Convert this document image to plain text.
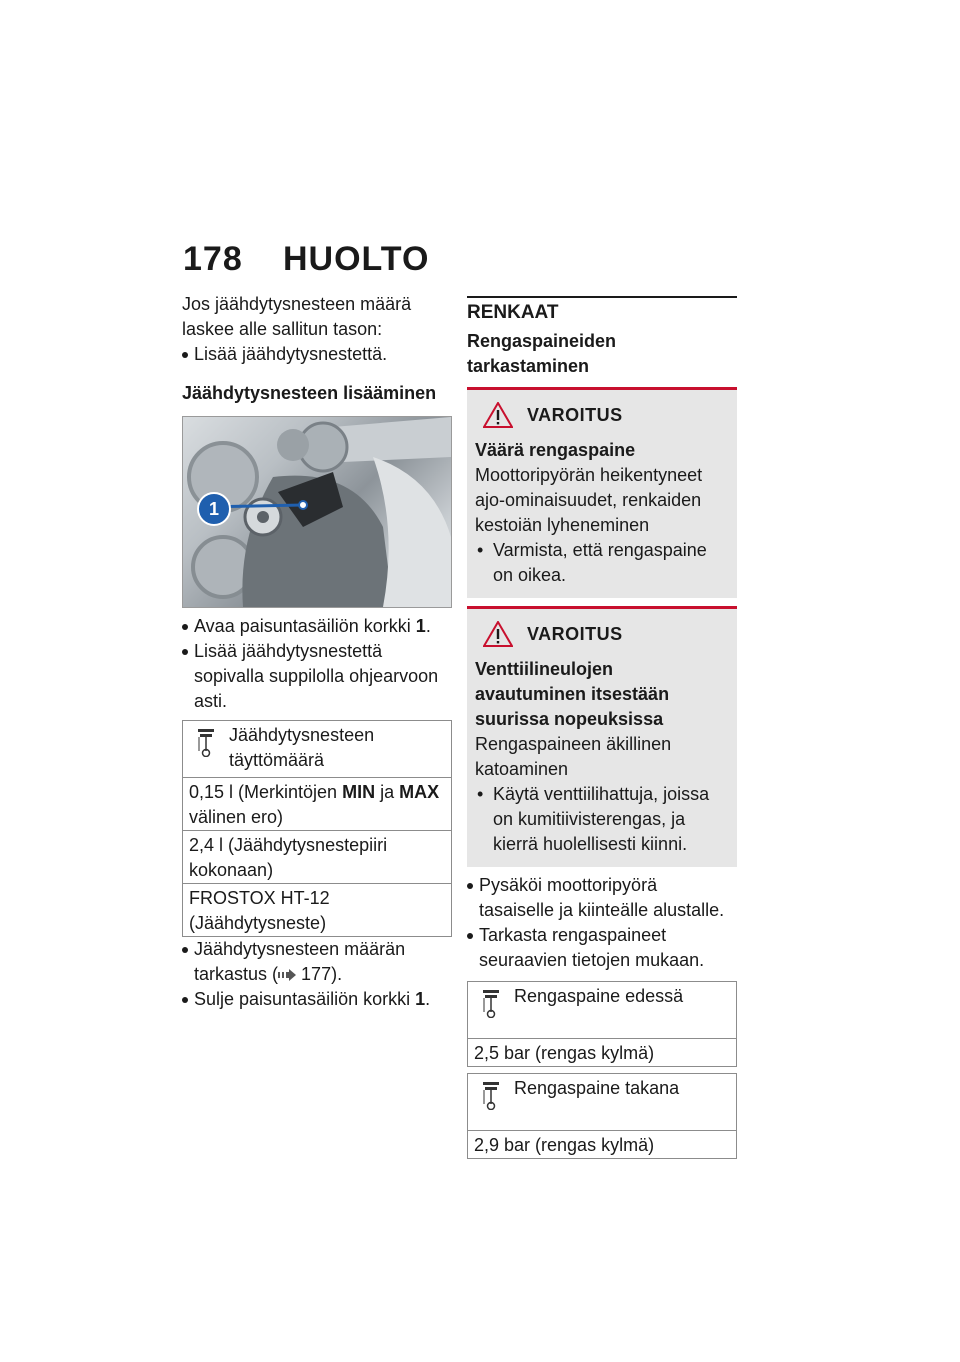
178 HUOLTO

Jos jäähdytysnesteen määrä laskee alle sallitun tason:

Lisää jäähdytysnestettä.

Jäähdytysnesteen lisääminen

1

Avaa paisuntasäiliön korkki 1.

Lisää jäähdytysnestettä sopivalla suppilolla ohjearvoon asti.

Jäähdytysnesteen täyttömäärä
0,15 l (Merkintöjen MIN ja MAX välinen ero)
2,4 l (Jäähdytysnestepiiri kokonaan)
FROSTOX HT-12 (Jäähdytysneste)

Jäähdytysnesteen määrän tarkastus ( 177).

Sulje paisuntasäiliön korkki 1.

RENKAAT

Rengaspaineiden tarkastaminen

VAROITUS

Väärä rengaspaine

Moottoripyörän heikentyneet ajo-ominaisuudet, renkaiden kestoiän lyheneminen

• Varmista, että rengaspaine on oikea.

VAROITUS

Venttiilineulojen avautuminen itsestään suurissa nopeuksissa

Rengaspaineen äkillinen katoaminen

• Käytä venttiilihattuja, joissa on kumitiivisterengas, ja kierrä huolellisesti kiinni.

Pysäköi moottoripyörä tasaiselle ja kiinteälle alustalle.

Tarkasta rengaspaineet seuraavien tietojen mukaan.

Rengaspaine edessä
2,5 bar (rengas kylmä)
Rengaspaine takana
2,9 bar (rengas kylmä)
